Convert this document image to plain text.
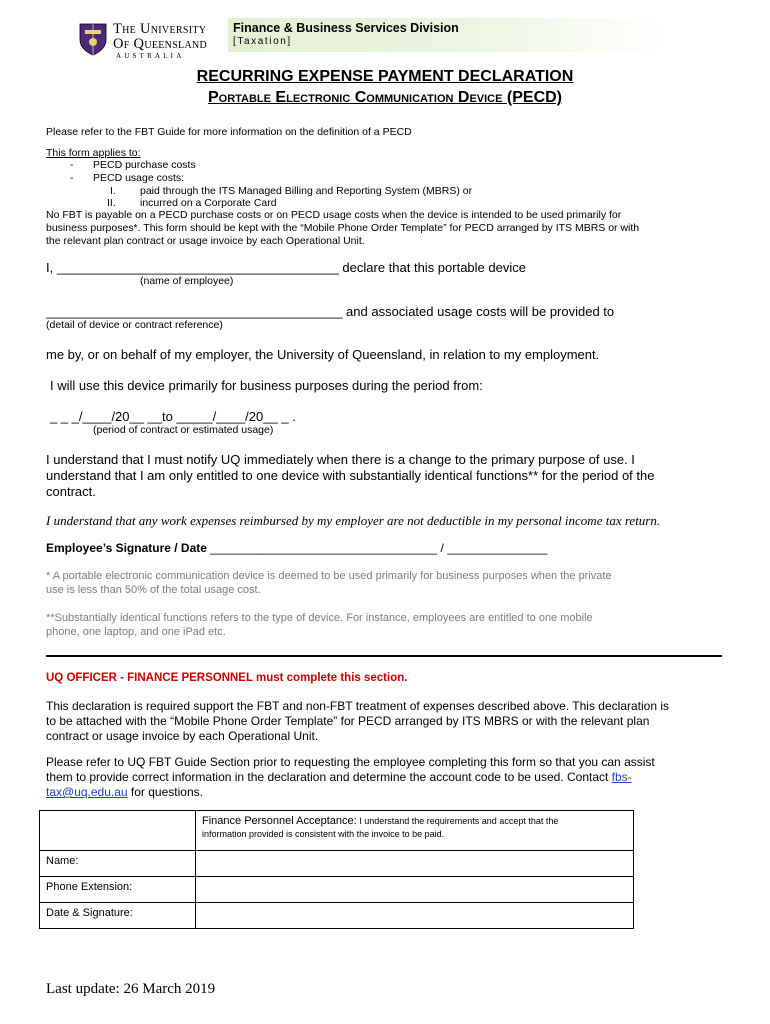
The University
Of Queensland
AUSTRALIA
Finance & Business Services Division
[Taxation]
RECURRING EXPENSE PAYMENT DECLARATION
Portable Electronic Communication Device (PECD)
Please refer to the FBT Guide for more information on the definition of a PECD
This form applies to:
- PECD purchase costs
- PECD usage costs:
I. paid through the ITS Managed Billing and Reporting System (MBRS) or
II. incurred on a Corporate Card
No FBT is payable on a PECD purchase costs or on PECD usage costs when the device is intended to be used primarily for
business purposes*. This form should be kept with the “Mobile Phone Order Template” for PECD arranged by ITS MBRS or with
the relevant plan contract or usage invoice by each Operational Unit.
I, _______________________________________ declare that this portable device
(name of employee)
_________________________________________ and associated usage costs will be provided to
(detail of device or contract reference)
me by, or on behalf of my employer, the University of Queensland, in relation to my employment.
I will use this device primarily for business purposes during the period from:
_ _ _/____/20__ __to _____/____/20__ _ .
(period of contract or estimated usage)
I understand that I must notify UQ immediately when there is a change to the primary purpose of use. I
understand that I am only entitled to one device with substantially identical functions** for the period of the
contract.
I understand that any work expenses reimbursed by my employer are not deductible in my personal income tax return.
Employee’s Signature / Date __________________________________ / _______________
* A portable electronic communication device is deemed to be used primarily for business purposes when the private
use is less than 50% of the total usage cost.
**Substantially identical functions refers to the type of device. For instance, employees are entitled to one mobile
phone, one laptop, and one iPad etc.
UQ OFFICER - FINANCE PERSONNEL must complete this section.
This declaration is required support the FBT and non-FBT treatment of expenses described above. This declaration is
to be attached with the “Mobile Phone Order Template” for PECD arranged by ITS MBRS or with the relevant plan
contract or usage invoice by each Operational Unit.
Please refer to UQ FBT Guide Section prior to requesting the employee completing this form so that you can assist
them to provide correct information in the declaration and determine the account code to be used. Contact fbs-
tax@uq.edu.au for questions.
	Finance Personnel Acceptance: I understand the requirements and accept that the
information provided is consistent with the invoice to be paid.
Name:	
Phone Extension:	
Date & Signature:	
Last update: 26 March 2019
